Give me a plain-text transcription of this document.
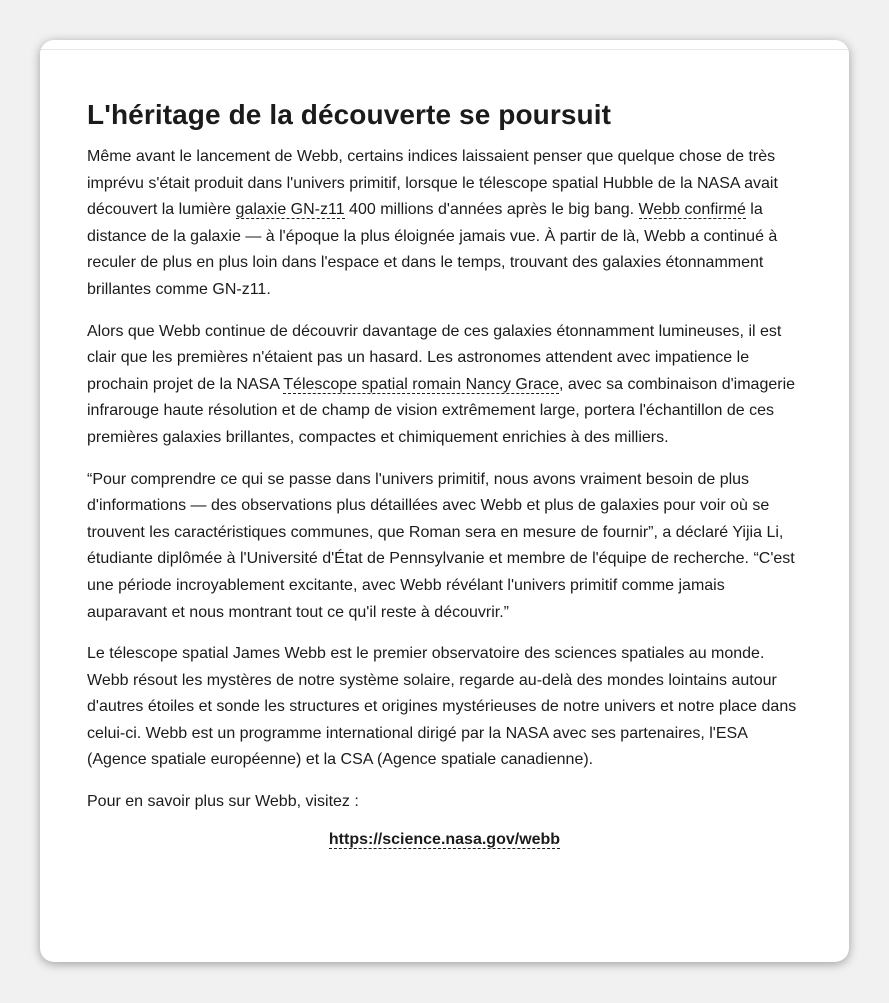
L'héritage de la découverte se poursuit

Même avant le lancement de Webb, certains indices laissaient penser que quelque chose de très imprévu s'était produit dans l'univers primitif, lorsque le télescope spatial Hubble de la NASA avait découvert la lumière galaxie GN-z11 400 millions d'années après le big bang. Webb confirmé la distance de la galaxie — à l'époque la plus éloignée jamais vue. À partir de là, Webb a continué à reculer de plus en plus loin dans l'espace et dans le temps, trouvant des galaxies étonnamment brillantes comme GN-z11.

Alors que Webb continue de découvrir davantage de ces galaxies étonnamment lumineuses, il est clair que les premières n'étaient pas un hasard. Les astronomes attendent avec impatience le prochain projet de la NASA Télescope spatial romain Nancy Grace, avec sa combinaison d'imagerie infrarouge haute résolution et de champ de vision extrêmement large, portera l'échantillon de ces premières galaxies brillantes, compactes et chimiquement enrichies à des milliers.

“Pour comprendre ce qui se passe dans l'univers primitif, nous avons vraiment besoin de plus d'informations — des observations plus détaillées avec Webb et plus de galaxies pour voir où se trouvent les caractéristiques communes, que Roman sera en mesure de fournir”, a déclaré Yijia Li, étudiante diplômée à l'Université d'État de Pennsylvanie et membre de l'équipe de recherche. “C'est une période incroyablement excitante, avec Webb révélant l'univers primitif comme jamais auparavant et nous montrant tout ce qu'il reste à découvrir.”

Le télescope spatial James Webb est le premier observatoire des sciences spatiales au monde. Webb résout les mystères de notre système solaire, regarde au-delà des mondes lointains autour d'autres étoiles et sonde les structures et origines mystérieuses de notre univers et notre place dans celui-ci. Webb est un programme international dirigé par la NASA avec ses partenaires, l'ESA (Agence spatiale européenne) et la CSA (Agence spatiale canadienne).

Pour en savoir plus sur Webb, visitez :

https://science.nasa.gov/webb
